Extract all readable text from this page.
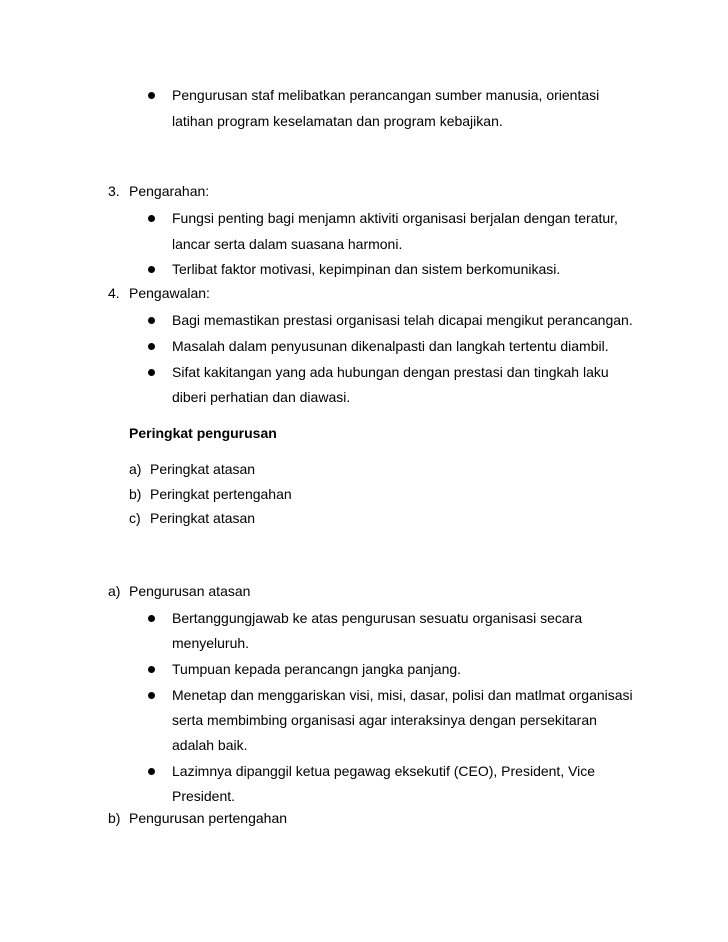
Pengurusan staf melibatkan perancangan sumber manusia, orientasi
latihan program keselamatan dan program kebajikan.
3. Pengarahan:
Fungsi penting bagi menjamn aktiviti organisasi berjalan dengan teratur,
lancar serta dalam suasana harmoni.
Terlibat faktor motivasi, kepimpinan dan sistem berkomunikasi.
4. Pengawalan:
Bagi memastikan prestasi organisasi telah dicapai mengikut perancangan.
Masalah dalam penyusunan dikenalpasti dan langkah tertentu diambil.
Sifat kakitangan yang ada hubungan dengan prestasi dan tingkah laku
diberi perhatian dan diawasi.
Peringkat pengurusan
a) Peringkat atasan
b) Peringkat pertengahan
c) Peringkat atasan
a) Pengurusan atasan
Bertanggungjawab ke atas pengurusan sesuatu organisasi secara
menyeluruh.
Tumpuan kepada perancangn jangka panjang.
Menetap dan menggariskan visi, misi, dasar, polisi dan matlmat organisasi
serta membimbing organisasi agar interaksinya dengan persekitaran
adalah baik.
Lazimnya dipanggil ketua pegawag eksekutif (CEO), President, Vice
President.
b) Pengurusan pertengahan
